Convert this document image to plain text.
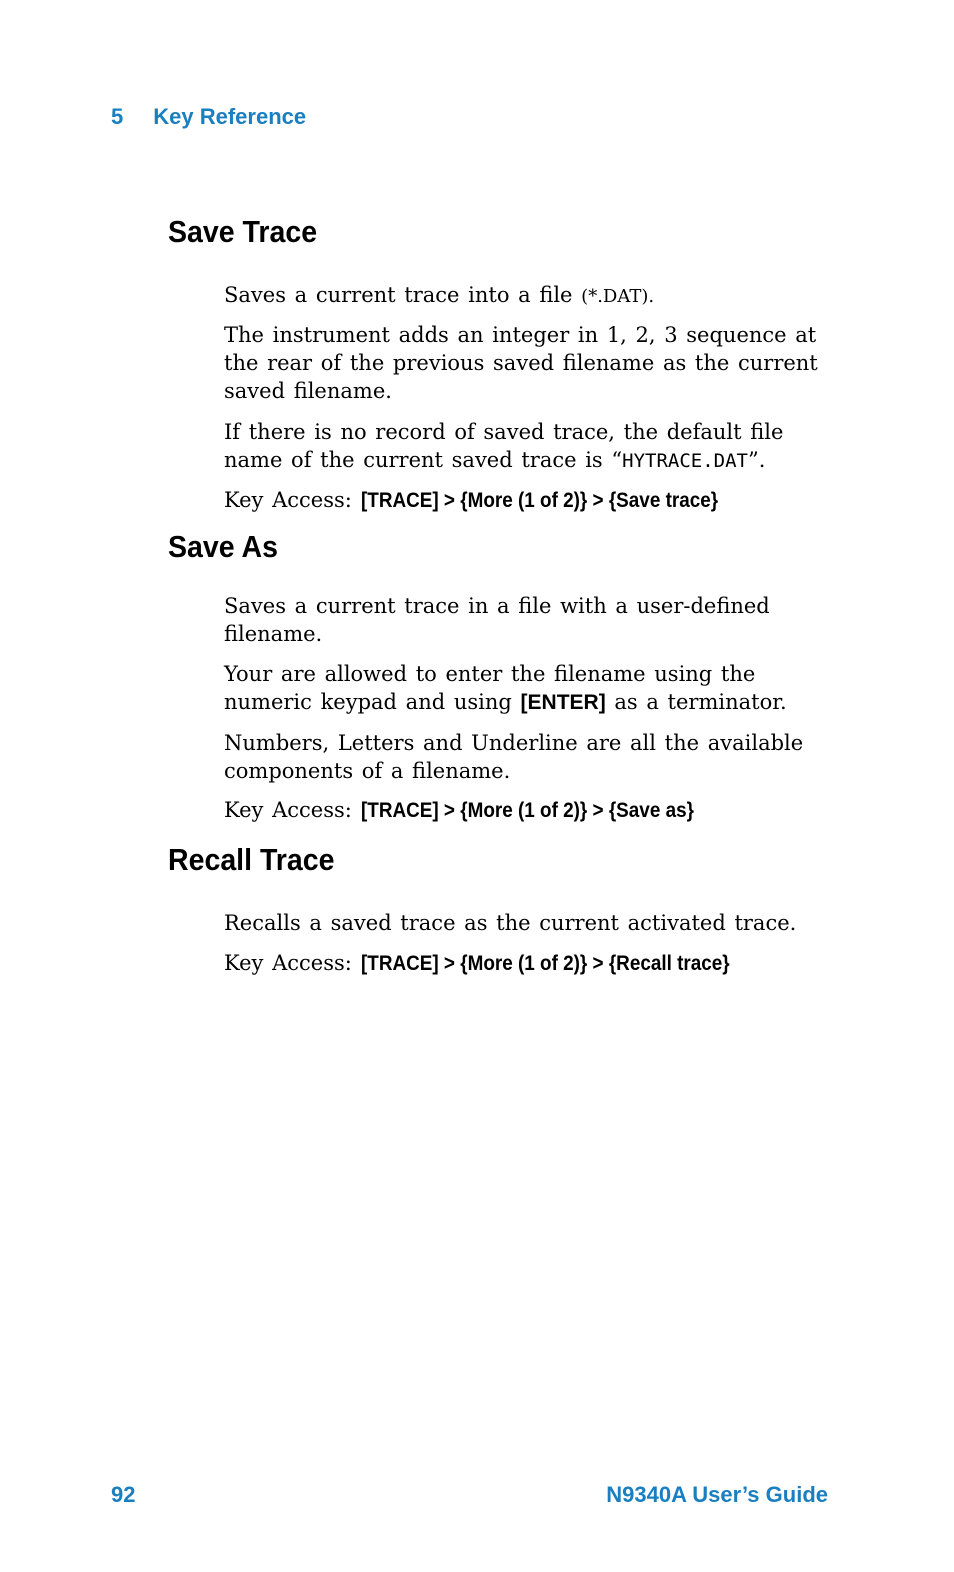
5 Key Reference
Save Trace

Saves a current trace into a file (*.DAT).

The instrument adds an integer in 1, 2, 3 sequence at the rear of the previous saved filename as the current saved filename.

If there is no record of saved trace, the default file name of the current saved trace is “HYTRACE.DAT”.

Key Access: [TRACE] > {More (1 of 2)} > {Save trace}

Save As

Saves a current trace in a file with a user-defined filename.

Your are allowed to enter the filename using the numeric keypad and using [ENTER] as a terminator.

Numbers, Letters and Underline are all the available components of a filename.

Key Access: [TRACE] > {More (1 of 2)} > {Save as}

Recall Trace

Recalls a saved trace as the current activated trace.

Key Access: [TRACE] > {More (1 of 2)} > {Recall trace}

92	N9340A User’s Guide
